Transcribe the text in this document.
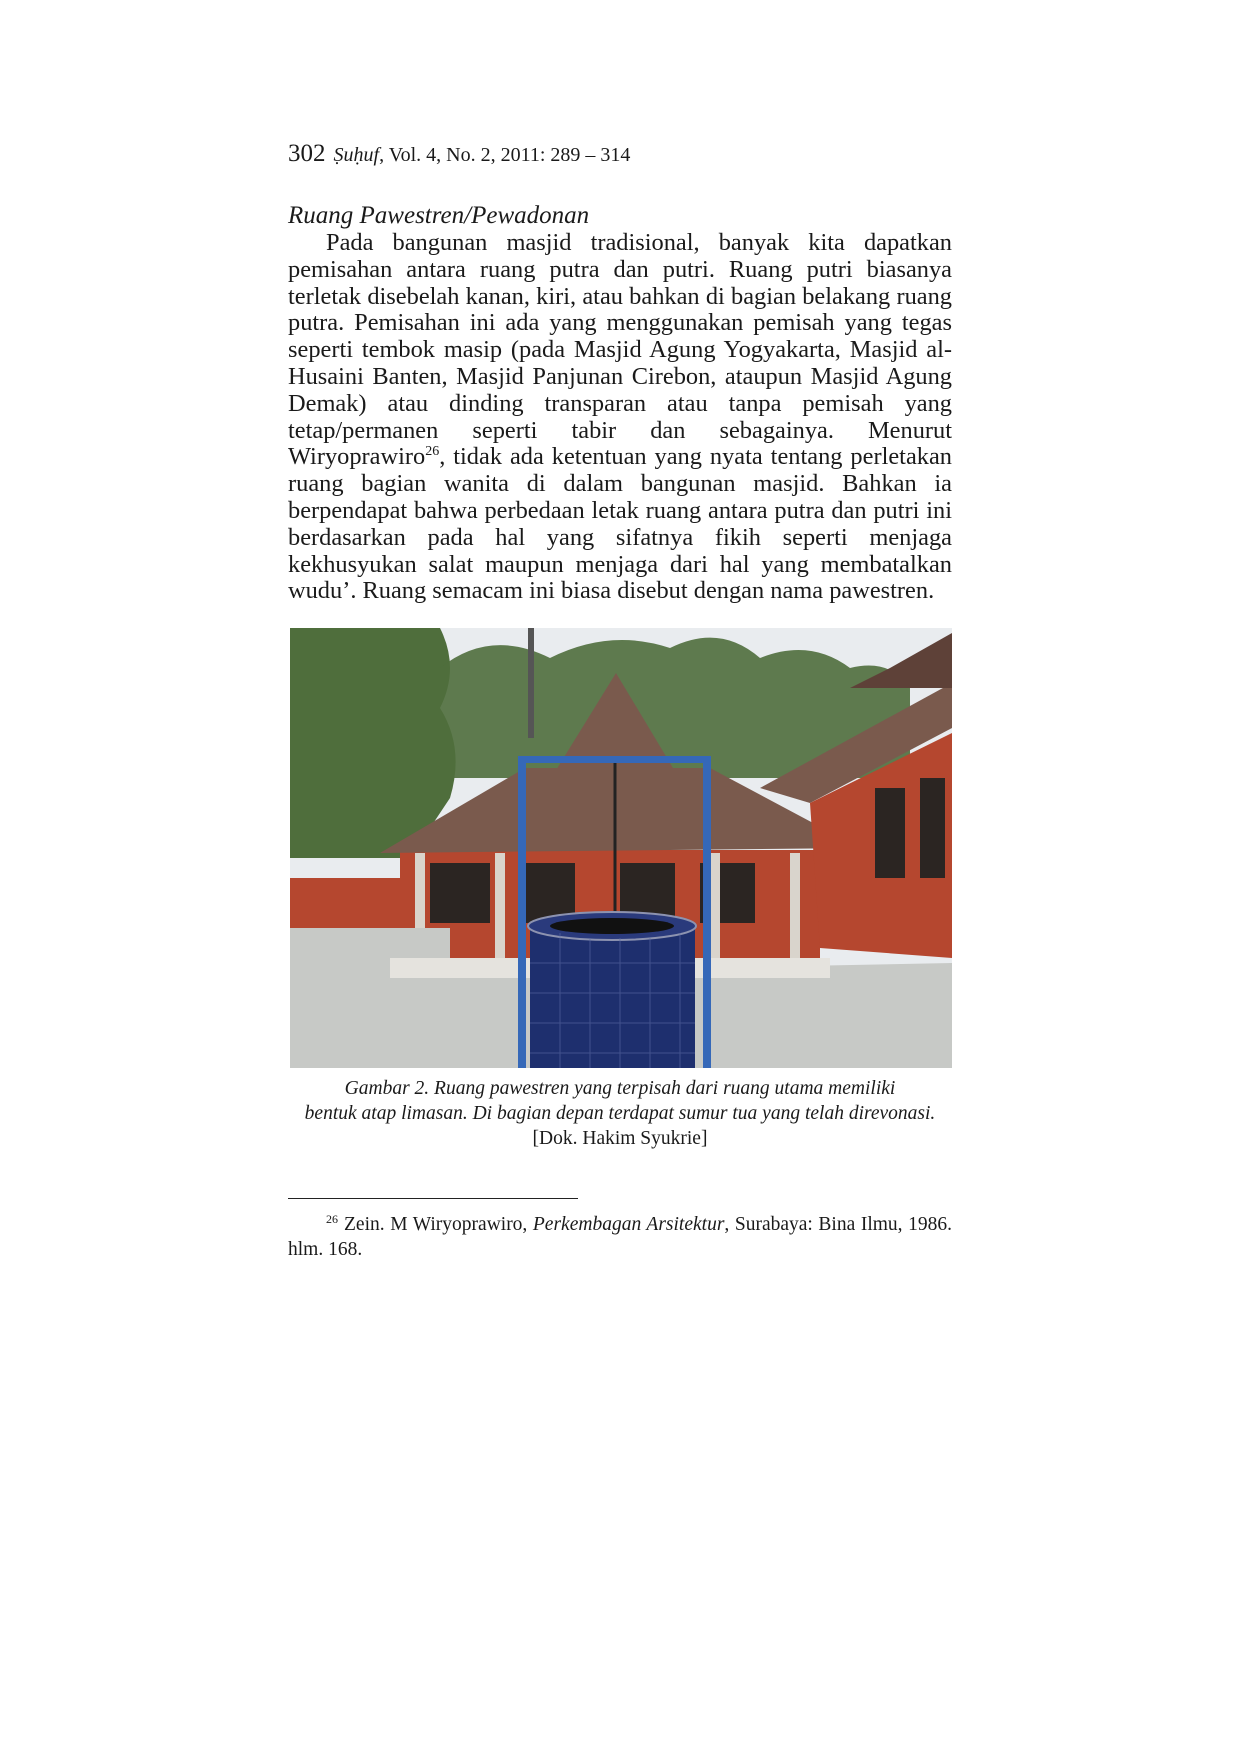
302 Ṣuḥuf, Vol. 4, No. 2, 2011: 289 – 314
Ruang Pawestren/Pewadonan

Pada bangunan masjid tradisional, banyak kita dapatkan pemisahan antara ruang putra dan putri. Ruang putri biasanya terletak disebelah kanan, kiri, atau bahkan di bagian belakang ruang putra. Pemisahan ini ada yang menggunakan pemisah yang tegas seperti tembok masip (pada Masjid Agung Yogyakarta, Masjid al-Husaini Banten, Masjid Panjunan Cirebon, ataupun Masjid Agung Demak) atau dinding transparan atau tanpa pemisah yang tetap/permanen seperti tabir dan sebagainya. Menurut Wiryoprawiro$^{26}$, tidak ada ketentuan yang nyata tentang perletakan ruang bagian wanita di dalam bangunan masjid. Bahkan ia berpendapat bahwa perbedaan letak ruang antara putra dan putri ini berdasarkan pada hal yang sifatnya fikih seperti menjaga kekhusyukan salat maupun menjaga dari hal yang membatalkan wudu’. Ruang semacam ini biasa disebut dengan nama pawestren.

Gambar 2. Ruang pawestren yang terpisah dari ruang utama memiliki
bentuk atap limasan. Di bagian depan terdapat sumur tua yang telah direvonasi.
[Dok. Hakim Syukrie]

$^{26}$ Zein. M Wiryoprawiro, Perkembagan Arsitektur, Surabaya: Bina Ilmu, 1986. hlm. 168.
